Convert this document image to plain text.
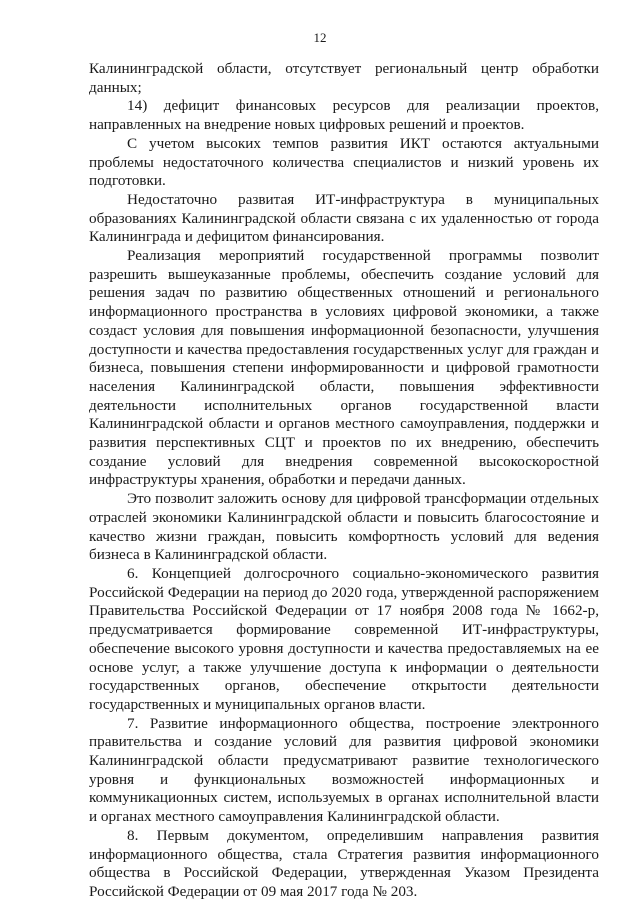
12

Калининградской области, отсутствует региональный центр обработки данных;

14) дефицит финансовых ресурсов для реализации проектов, направленных на внедрение новых цифровых решений и проектов.

С учетом высоких темпов развития ИКТ остаются актуальными проблемы недостаточного количества специалистов и низкий уровень их подготовки.

Недостаточно развитая ИТ-инфраструктура в муниципальных образованиях Калининградской области связана с их удаленностью от города Калининграда и дефицитом финансирования.

Реализация мероприятий государственной программы позволит разрешить вышеуказанные проблемы, обеспечить создание условий для решения задач по развитию общественных отношений и регионального информационного пространства в условиях цифровой экономики, а также создаст условия для повышения информационной безопасности, улучшения доступности и качества предоставления государственных услуг для граждан и бизнеса, повышения степени информированности и цифровой грамотности населения Калининградской области, повышения эффективности деятельности исполнительных органов государственной власти Калининградской области и органов местного самоуправления, поддержки и развития перспективных СЦТ и проектов по их внедрению, обеспечить создание условий для внедрения современной высокоскоростной инфраструктуры хранения, обработки и передачи данных.

Это позволит заложить основу для цифровой трансформации отдельных отраслей экономики Калининградской области и повысить благосостояние и качество жизни граждан, повысить комфортность условий для ведения бизнеса в Калининградской области.

6. Концепцией долгосрочного социально-экономического развития Российской Федерации на период до 2020 года, утвержденной распоряжением Правительства Российской Федерации от 17 ноября 2008 года № 1662-р, предусматривается формирование современной ИТ-инфраструктуры, обеспечение высокого уровня доступности и качества предоставляемых на ее основе услуг, а также улучшение доступа к информации о деятельности государственных органов, обеспечение открытости деятельности государственных и муниципальных органов власти.

7. Развитие информационного общества, построение электронного правительства и создание условий для развития цифровой экономики Калининградской области предусматривают развитие технологического уровня и функциональных возможностей информационных и коммуникационных систем, используемых в органах исполнительной власти и органах местного самоуправления Калининградской области.

8. Первым документом, определившим направления развития информационного общества, стала Стратегия развития информационного общества в Российской Федерации, утвержденная Указом Президента Российской Федерации от 09 мая 2017 года № 203.
